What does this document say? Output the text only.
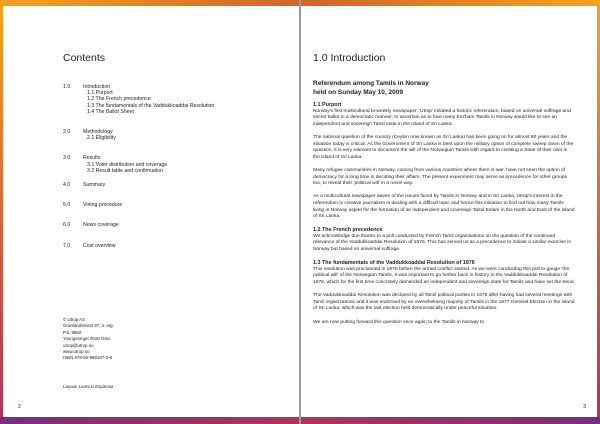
Contents
1.0	Introduction
1.1 Purport
1.2 The French precedence
1.3 The fundamentals of the Vaddukkoaddai Resolution
1.4 The Ballot Sheet
2.0	Methodology
2.1 Eligibility
3.0	Results
3.1 Voter distribution and coverage
3.2 Result table and confirmation
4.0	Summary
5.0	Voting procedure
6.0	News coverage
7.0	Cost overview
© Utrop AS
Grønlandsleiret 37, 4. etg.
P.b. 8962
Youngstorget 0028 Oslo
utrop@utrop.no
www.utrop.no
ISBN 978-82-998107-0-8
Layout: Leoncio Espinosa
2
1.0 Introduction
Referendum among Tamils in Norway
held on Sunday May 10, 2009
1.1 Purport

Norway's first multicultural bi-weekly newspaper, 'Utrop' initiated a historic referendum, based on universal suffrage and secret ballot in a democratic manner, to ascertain as to how many Eezham Tamils in Norway would like to see an independent and sovereign Tamil state in the island of Sri Lanka.

The national question of the country (Ceylon now known as Sri Lanka) has been going on for almost 60 years and the situation today is critical. As the Government of Sri Lanka is bent upon the military option of complete sweep down of the question, it is very relevant to document the will of the Norwegian Tamils with regard to creating a State of their own in the island of Sri Lanka.

Many refugee communities in Norway, coming from various countries where there is war, have not seen the option of democracy for a long time in deciding their affairs. The present experiment may serve as precedence for other groups too, to reveal their 'political will' in a novel way.

As a multicultural newspaper aware of the issues faced by Tamils in Norway and in Sri Lanka, Utrop's interest in the referendum is creative journalism in dealing with a difficult topic and hence this initiation to find out how many Tamils living in Norway aspire for the formation of an independent and sovereign Tamil Eelam in the North and East of the island of Sri Lanka.

1.2 The French precedence

We acknowledge due thanks to a poll conducted by French Tamil organisations on the question of the continued relevance of the Vaddukkoaddai Resolution of 1976. This has served us as a precedence to initiate a similar exercise in Norway but based on universal suffrage.

1.3 The fundamentals of the Vaddukkoaddai Resolution of 1976

This resolution was proclaimed in 1976 before the armed conflict started. As we were conducting this poll to gauge 'the political will' of the Norwegian Tamils, it was important to go further back in history to the Vaddukkoaddai Resolution of 1976, which for the first time concretely demanded an independent and sovereign state for Tamils and have set the trend.

The Vaddukkoaddai Resolution was declared by all Tamil political parties in 1976 after having had several meetings with Tamil organizations and it was endorsed by an overwhelming majority of Tamils in the 1977 General Election in the island of Sri Lanka, which was the last election held democratically under peaceful situation.

We are now putting forward this question once again to the Tamils in Norway to

3
